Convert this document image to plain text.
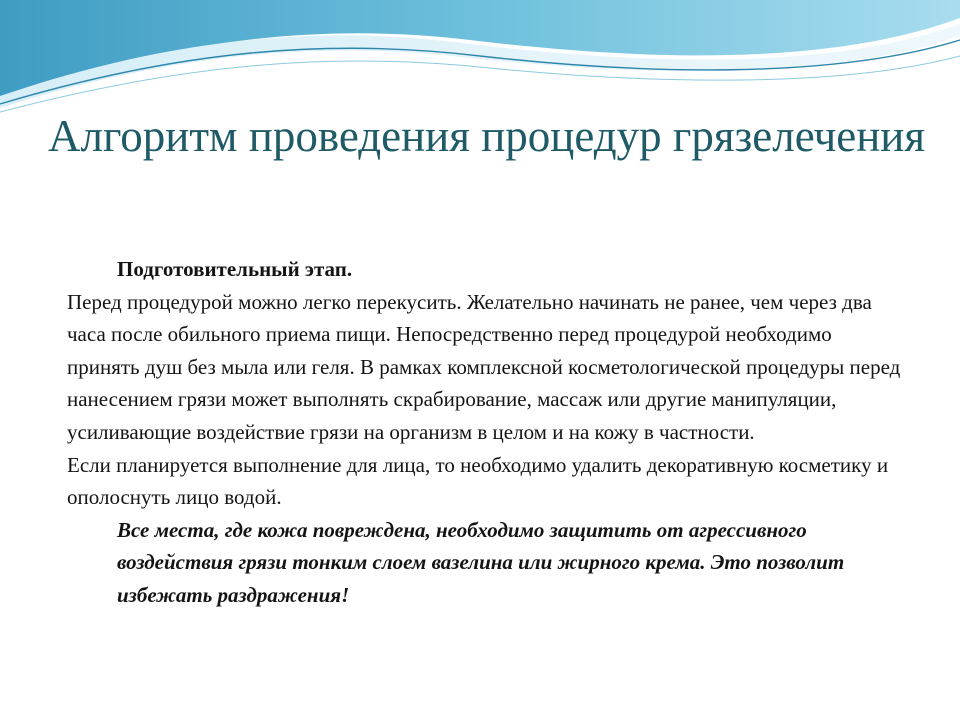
Алгоритм проведения процедур грязелечения

Подготовительный этап.

Перед процедурой можно легко перекусить. Желательно начинать не ранее, чем через два часа после обильного приема пищи. Непосредственно перед процедурой необходимо принять душ без мыла или геля. В рамках комплексной косметологической процедуры перед нанесением грязи может выполнять скрабирование, массаж или другие манипуляции, усиливающие воздействие грязи на организм в целом и на кожу в частности.

Если планируется выполнение для лица, то необходимо удалить декоративную косметику и ополоснуть лицо водой.

Все места, где кожа повреждена, необходимо защитить от агрессивного воздействия грязи тонким слоем вазелина или жирного крема. Это позволит избежать раздражения!
